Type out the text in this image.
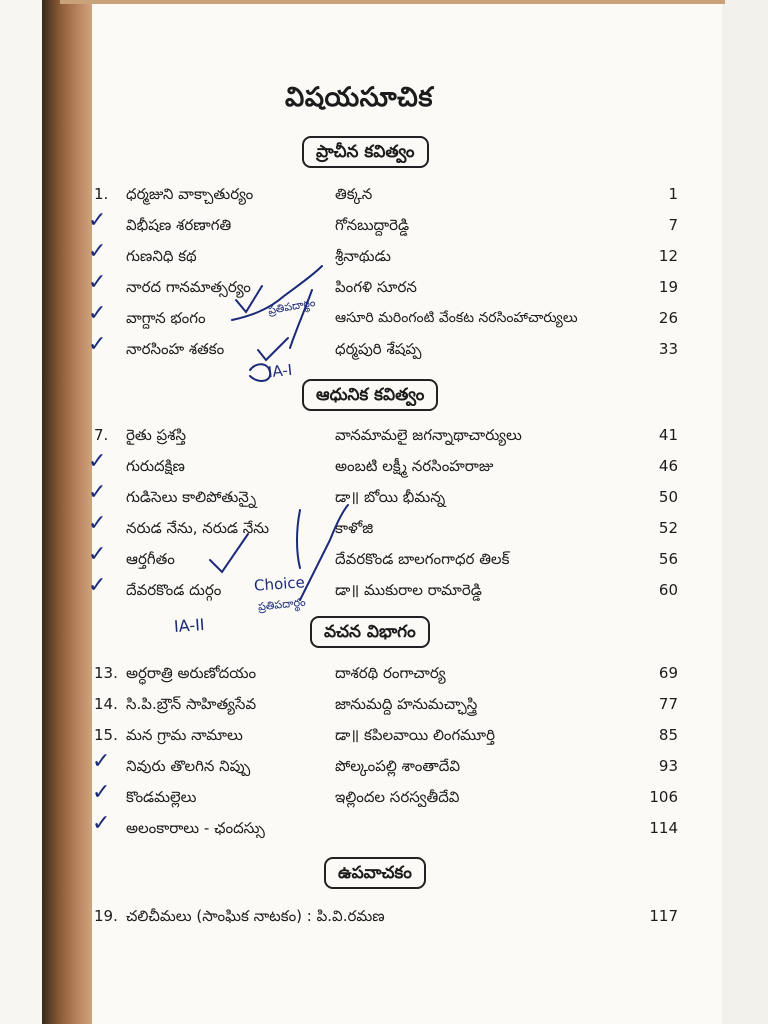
విషయసూచిక
ప్రాచీన కవిత్వం
1.	ధర్మజుని వాక్చాతుర్యం	తిక్కన	1
విభీషణ శరణాగతి	గోనబుద్దారెడ్డి	7
గుణనిధి కథ	శ్రీనాథుడు	12
నారద గానమాత్సర్యం	పింగళి సూరన	19
వాగ్దాన భంగం	ఆసూరి మరింగంటి వేంకట నరసింహాచార్యులు	26
నారసింహ శతకం	ధర్మపురి శేషప్ప	33
ఆధునిక కవిత్వం
7.	రైతు ప్రశస్తి	వానమామలై జగన్నాథాచార్యులు	41
గురుదక్షిణ	అంబటి లక్ష్మీ నరసింహరాజు	46
గుడిసెలు కాలిపోతున్నై	డా॥ బోయి భీమన్న	50
నరుడ నేను, నరుడ నేను	కాళోజి	52
ఆర్తగీతం	దేవరకొండ బాలగంగాధర తిలక్	56
దేవరకొండ దుర్గం	డా॥ ముకురాల రామారెడ్డి	60
వచన విభాగం
13. అర్ధరాత్రి అరుణోదయం	దాశరథి రంగాచార్య	69
14. సి.పి.బ్రౌన్ సాహిత్యసేవ	జానుమద్ది హనుమచ్ఛాస్త్రి	77
15. మన గ్రామ నామాలు	డా॥ కపిలవాయి లింగమూర్తి	85
నివురు తొలగిన నిప్పు	పోల్కంపల్లి శాంతాదేవి	93
కొండమల్లెలు	ఇల్లిందల సరస్వతీదేవి	106
అలంకారాలు - ఛందస్సు	114
ఉపవాచకం
19. చలిచీమలు (సాంఘిక నాటకం) : పి.వి.రమణ	117
✓
✓
✓
✓
✓
✓
✓
✓
✓
✓
✓
✓
✓
IA-I
IA-II
Choice
ప్రతిపదార్థం
ప్రతిపదార్థం
